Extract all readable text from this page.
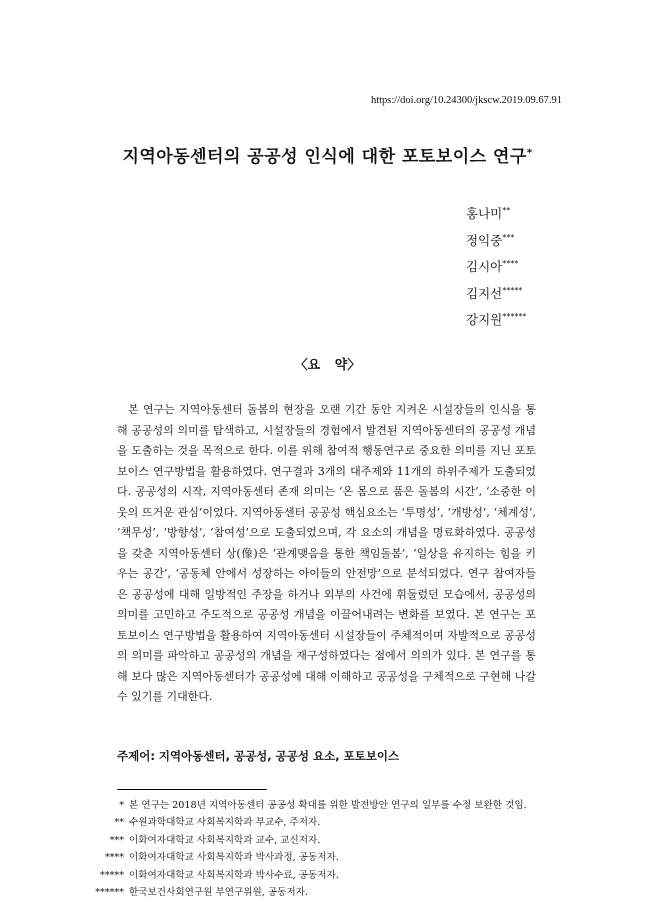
https://doi.org/10.24300/jkscw.2019.09.67.91
지역아동센터의 공공성 인식에 대한 포토보이스 연구*
홍나미**
정익중***
김시아****
김지선*****
강지원******
〈요 약〉
본 연구는 지역아동센터 돌봄의 현장을 오랜 기간 동안 지켜온 시설장들의 인식을 통해 공공성의 의미를 탐색하고, 시설장들의 경험에서 발견된 지역아동센터의 공공성 개념을 도출하는 것을 목적으로 한다. 이를 위해 참여적 행동연구로 중요한 의미를 지닌 포토보이스 연구방법을 활용하였다. 연구결과 3개의 대주제와 11개의 하위주제가 도출되었다. 공공성의 시작, 지역아동센터 존재 의미는 ‘온 몸으로 품은 돌봄의 시간’, ‘소중한 이웃의 뜨거운 관심’이었다. 지역아동센터 공공성 핵심요소는 ‘투명성’, ‘개방성’, ‘체계성’, ‘책무성’, ‘방향성’, ‘참여성’으로 도출되었으며, 각 요소의 개념을 명료화하였다. 공공성을 갖춘 지역아동센터 상(像)은 ‘관계맺음을 통한 책임돌봄’, ‘일상을 유지하는 힘을 키우는 공간’, ‘공동체 안에서 성장하는 아이들의 안전망’으로 분석되었다. 연구 참여자들은 공공성에 대해 일방적인 주장을 하거나 외부의 사건에 휘둘렸던 모습에서, 공공성의 의미를 고민하고 주도적으로 공공성 개념을 이끌어내려는 변화를 보였다. 본 연구는 포토보이스 연구방법을 활용하여 지역아동센터 시설장들이 주체적이며 자발적으로 공공성의 의미를 파악하고 공공성의 개념을 재구성하였다는 점에서 의의가 있다. 본 연구를 통해 보다 많은 지역아동센터가 공공성에 대해 이해하고 공공성을 구체적으로 구현해 나갈 수 있기를 기대한다.
주제어: 지역아동센터, 공공성, 공공성 요소, 포토보이스
* 본 연구는 2018년 지역아동센터 공공성 확대를 위한 발전방안 연구의 일부를 수정 보완한 것임.
** 수원과학대학교 사회복지학과 부교수, 주저자.
*** 이화여자대학교 사회복지학과 교수, 교신저자.
**** 이화여자대학교 사회복지학과 박사과정, 공동저자.
***** 이화여자대학교 사회복지학과 박사수료, 공동저자.
****** 한국보건사회연구원 부연구위원, 공동저자.
